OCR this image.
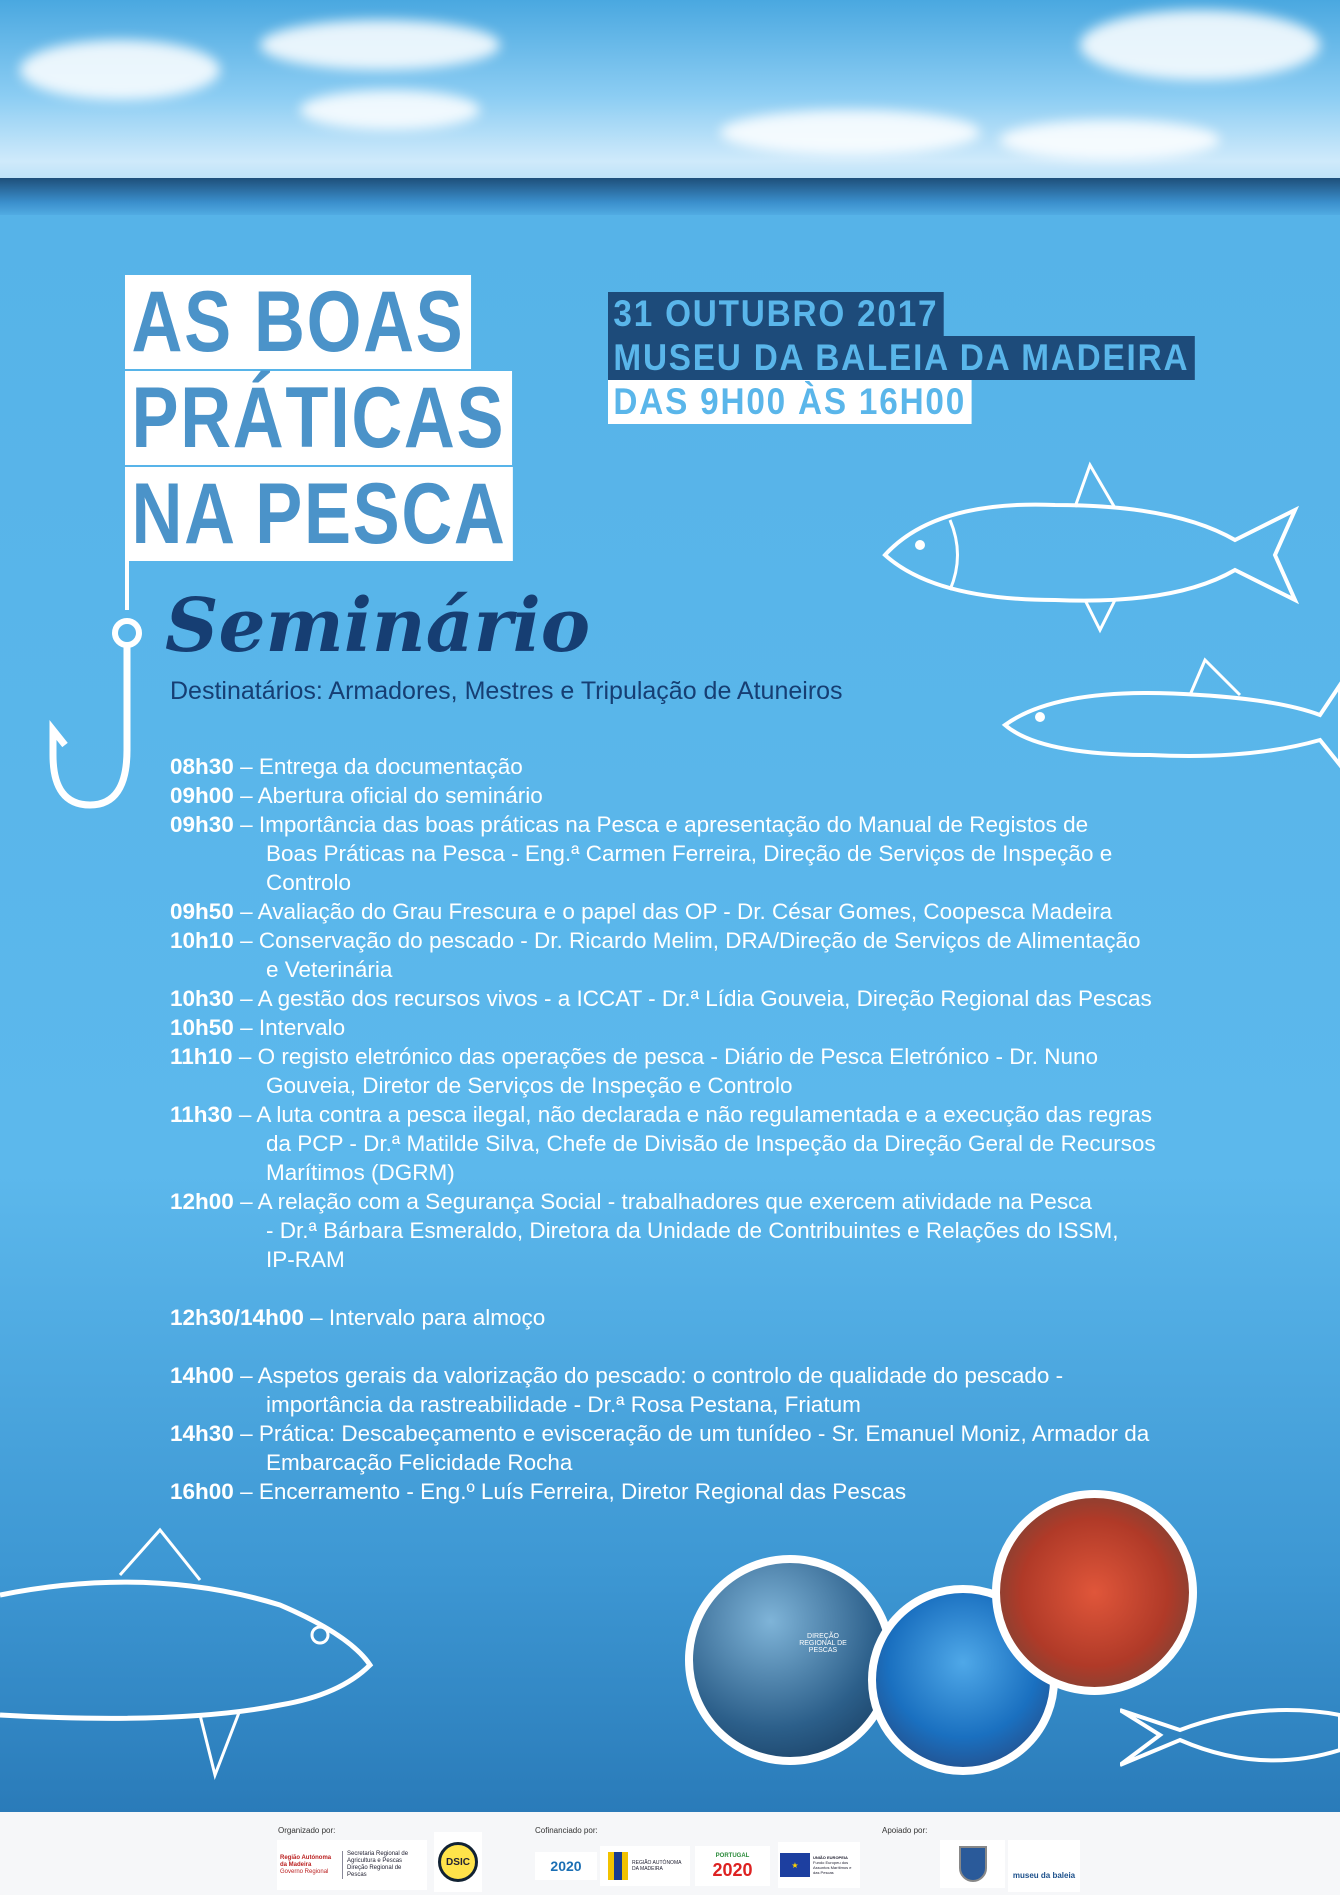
AS BOAS
PRÁTICAS
NA PESCA
31 OUTUBRO 2017
MUSEU DA BALEIA DA MADEIRA
DAS 9H00 ÀS 16H00
Seminário
Destinatários: Armadores, Mestres e Tripulação de Atuneiros
08h30 – Entrega da documentação
09h00 – Abertura oficial do seminário
09h30 – Importância das boas práticas na Pesca e apresentação do Manual de Registos de
Boas Práticas na Pesca - Eng.ª Carmen Ferreira, Direção de Serviços de Inspeção e
Controlo
09h50 – Avaliação do Grau Frescura e o papel das OP - Dr. César Gomes, Coopesca Madeira
10h10 – Conservação do pescado - Dr. Ricardo Melim, DRA/Direção de Serviços de Alimentação
e Veterinária
10h30 – A gestão dos recursos vivos - a ICCAT - Dr.ª Lídia Gouveia, Direção Regional das Pescas
10h50 – Intervalo
11h10 – O registo eletrónico das operações de pesca - Diário de Pesca Eletrónico - Dr. Nuno
Gouveia, Diretor de Serviços de Inspeção e Controlo
11h30 – A luta contra a pesca ilegal, não declarada e não regulamentada e a execução das regras
da PCP - Dr.ª Matilde Silva, Chefe de Divisão de Inspeção da Direção Geral de Recursos
Marítimos (DGRM)
12h00 – A relação com a Segurança Social - trabalhadores que exercem atividade na Pesca
- Dr.ª Bárbara Esmeraldo, Diretora da Unidade de Contribuintes e Relações do ISSM,
IP-RAM
12h30/14h00 – Intervalo para almoço
14h00 – Aspetos gerais da valorização do pescado: o controlo de qualidade do pescado -
importância da rastreabilidade - Dr.ª Rosa Pestana, Friatum
14h30 – Prática: Descabeçamento e evisceração de um tunídeo - Sr. Emanuel Moniz, Armador da
Embarcação Felicidade Rocha
16h00 – Encerramento - Eng.º Luís Ferreira, Diretor Regional das Pescas
DIREÇÃO REGIONAL DE PESCAS
Organizado por:
Região Autónoma da Madeira
Governo Regional
Secretaria Regional de Agricultura e Pescas
Direção Regional de Pescas
DSIC
Cofinanciado por:
2020	REGIÃO AUTÓNOMA DA MADEIRA
PORTUGAL
2020	★
UNIÃO EUROPEIA
Fundo Europeu dos Assuntos Marítimos e das Pescas
Apoiado por:
museu da baleia
